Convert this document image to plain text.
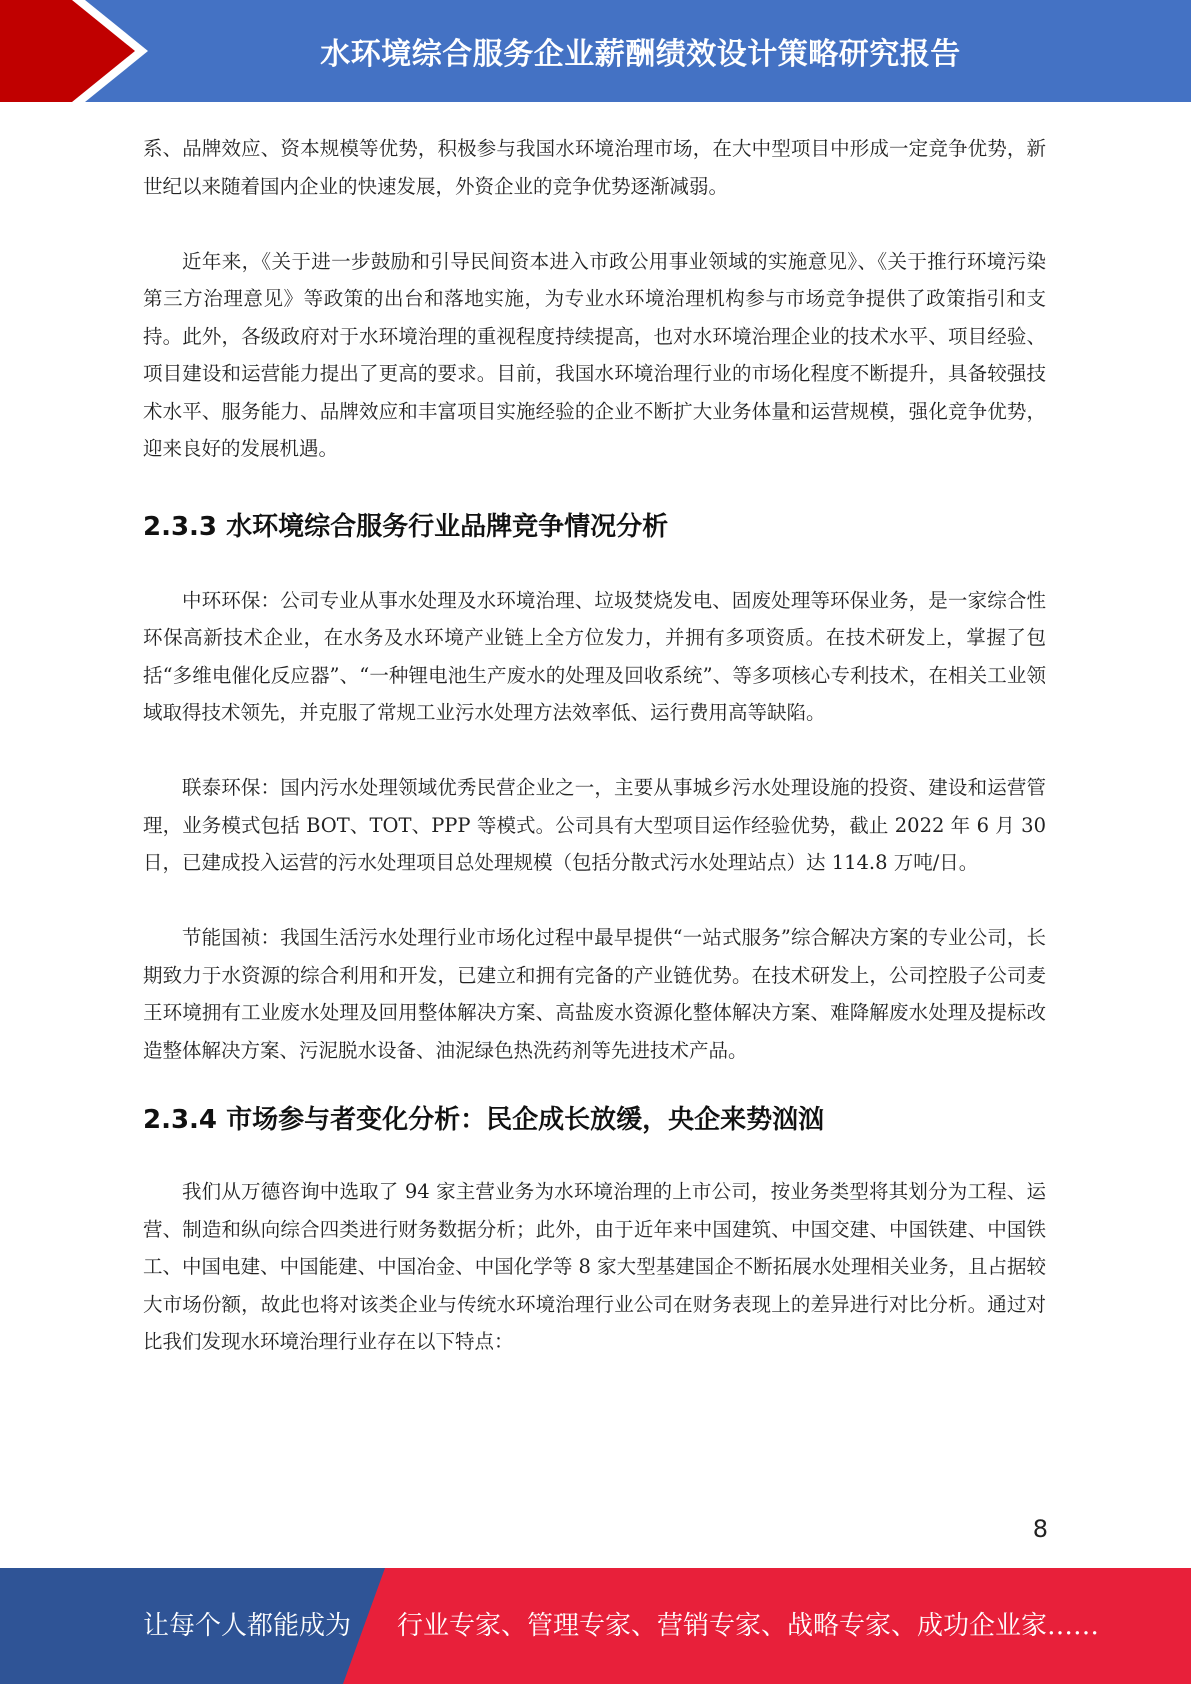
水环境综合服务企业薪酬绩效设计策略研究报告

系、品牌效应、资本规模等优势，积极参与我国水环境治理市场，在大中型项目中形成一定竞争优势，新世纪以来随着国内企业的快速发展，外资企业的竞争优势逐渐减弱。

近年来，《关于进一步鼓励和引导民间资本进入市政公用事业领域的实施意见》、《关于推行环境污染第三方治理意见》等政策的出台和落地实施，为专业水环境治理机构参与市场竞争提供了政策指引和支持。此外，各级政府对于水环境治理的重视程度持续提高，也对水环境治理企业的技术水平、项目经验、项目建设和运营能力提出了更高的要求。目前，我国水环境治理行业的市场化程度不断提升，具备较强技术水平、服务能力、品牌效应和丰富项目实施经验的企业不断扩大业务体量和运营规模，强化竞争优势，迎来良好的发展机遇。

2.3.3 水环境综合服务行业品牌竞争情况分析

中环环保：公司专业从事水处理及水环境治理、垃圾焚烧发电、固废处理等环保业务，是一家综合性环保高新技术企业，在水务及水环境产业链上全方位发力，并拥有多项资质。在技术研发上，掌握了包括“多维电催化反应器”、“一种锂电池生产废水的处理及回收系统”、等多项核心专利技术，在相关工业领域取得技术领先，并克服了常规工业污水处理方法效率低、运行费用高等缺陷。

联泰环保：国内污水处理领域优秀民营企业之一，主要从事城乡污水处理设施的投资、建设和运营管理，业务模式包括 BOT、TOT、PPP 等模式。公司具有大型项目运作经验优势，截止 2022 年 6 月 30 日，已建成投入运营的污水处理项目总处理规模（包括分散式污水处理站点）达 114.8 万吨/日。

节能国祯：我国生活污水处理行业市场化过程中最早提供“一站式服务”综合解决方案的专业公司，长期致力于水资源的综合利用和开发，已建立和拥有完备的产业链优势。在技术研发上，公司控股子公司麦王环境拥有工业废水处理及回用整体解决方案、高盐废水资源化整体解决方案、难降解废水处理及提标改造整体解决方案、污泥脱水设备、油泥绿色热洗药剂等先进技术产品。

2.3.4 市场参与者变化分析：民企成长放缓，央企来势汹汹

我们从万德咨询中选取了 94 家主营业务为水环境治理的上市公司，按业务类型将其划分为工程、运营、制造和纵向综合四类进行财务数据分析；此外，由于近年来中国建筑、中国交建、中国铁建、中国铁工、中国电建、中国能建、中国冶金、中国化学等 8 家大型基建国企不断拓展水处理相关业务，且占据较大市场份额，故此也将对该类企业与传统水环境治理行业公司在财务表现上的差异进行对比分析。通过对比我们发现水环境治理行业存在以下特点：

8
让每个人都能成为 行业专家、管理专家、营销专家、战略专家、成功企业家……
